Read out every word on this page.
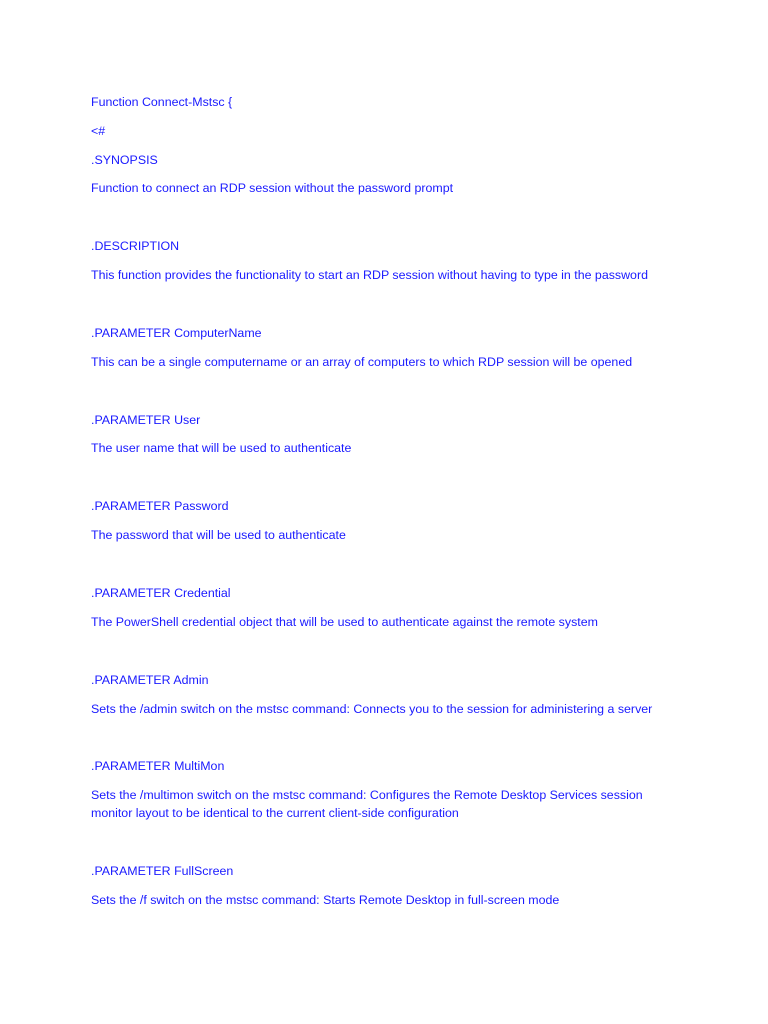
Function Connect-Mstsc {
<#
.SYNOPSIS
Function to connect an RDP session without the password prompt
.DESCRIPTION
This function provides the functionality to start an RDP session without having to type in the password
.PARAMETER ComputerName
This can be a single computername or an array of computers to which RDP session will be opened
.PARAMETER User
The user name that will be used to authenticate
.PARAMETER Password
The password that will be used to authenticate
.PARAMETER Credential
The PowerShell credential object that will be used to authenticate against the remote system
.PARAMETER Admin
Sets the /admin switch on the mstsc command: Connects you to the session for administering a server
.PARAMETER MultiMon
Sets the /multimon switch on the mstsc command: Configures the Remote Desktop Services session monitor layout to be identical to the current client-side configuration
.PARAMETER FullScreen
Sets the /f switch on the mstsc command: Starts Remote Desktop in full-screen mode
